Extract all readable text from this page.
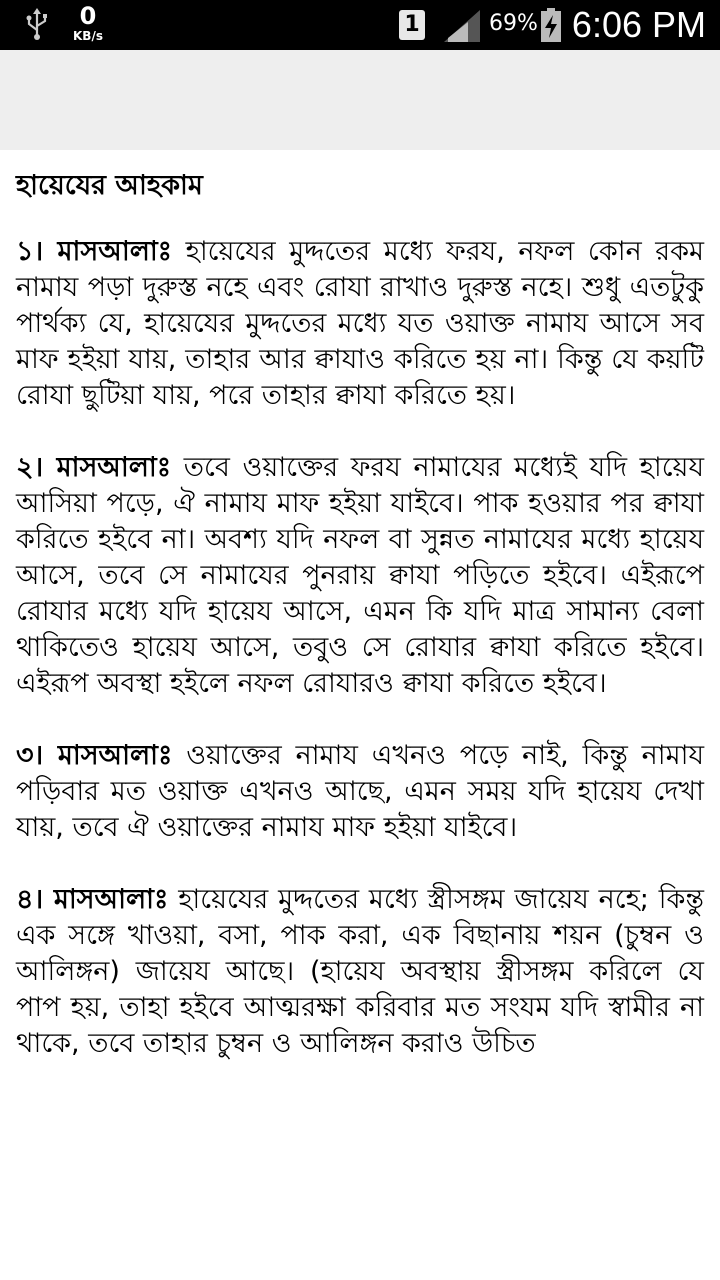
0
KB/s	1	69% 6:06 PM
হায়েযের আহকাম

১। মাসআলাঃ হায়েযের মুদ্দতের মধ্যে ফরয, নফল কোন রকম নামায পড়া দুরুস্ত নহে এবং রোযা রাখাও দুরুস্ত নহে। শুধু এতটুকু পার্থক্য যে, হায়েযের মুদ্দতের মধ্যে যত ওয়াক্ত নামায আসে সব মাফ হইয়া যায়, তাহার আর ক্বাযাও করিতে হয় না। কিন্তু যে কয়টি রোযা ছুটিয়া যায়, পরে তাহার ক্বাযা করিতে হয়।

২। মাসআলাঃ তবে ওয়াক্তের ফরয নামাযের মধ্যেই যদি হায়েয আসিয়া পড়ে, ঐ নামায মাফ হইয়া যাইবে। পাক হওয়ার পর ক্বাযা করিতে হইবে না। অবশ্য যদি নফল বা সুন্নত নামাযের মধ্যে হায়েয আসে, তবে সে নামাযের পুনরায় ক্বাযা পড়িতে হইবে। এইরূপে রোযার মধ্যে যদি হায়েয আসে, এমন কি যদি মাত্র সামান্য বেলা থাকিতেও হায়েয আসে, তবুও সে রোযার ক্বাযা করিতে হইবে। এইরূপ অবস্থা হইলে নফল রোযারও ক্বাযা করিতে হইবে।

৩। মাসআলাঃ ওয়াক্তের নামায এখনও পড়ে নাই, কিন্তু নামায পড়িবার মত ওয়াক্ত এখনও আছে, এমন সময় যদি হায়েয দেখা যায়, তবে ঐ ওয়াক্তের নামায মাফ হইয়া যাইবে।

৪। মাসআলাঃ হায়েযের মুদ্দতের মধ্যে স্ত্রীসঙ্গম জায়েয নহে; কিন্তু এক সঙ্গে খাওয়া, বসা, পাক করা, এক বিছানায় শয়ন (চুম্বন ও আলিঙ্গন) জায়েয আছে। (হায়েয অবস্থায় স্ত্রীসঙ্গম করিলে যে পাপ হয়, তাহা হইবে আত্মরক্ষা করিবার মত সংযম যদি স্বামীর না থাকে, তবে তাহার চুম্বন ও আলিঙ্গন করাও উচিত
